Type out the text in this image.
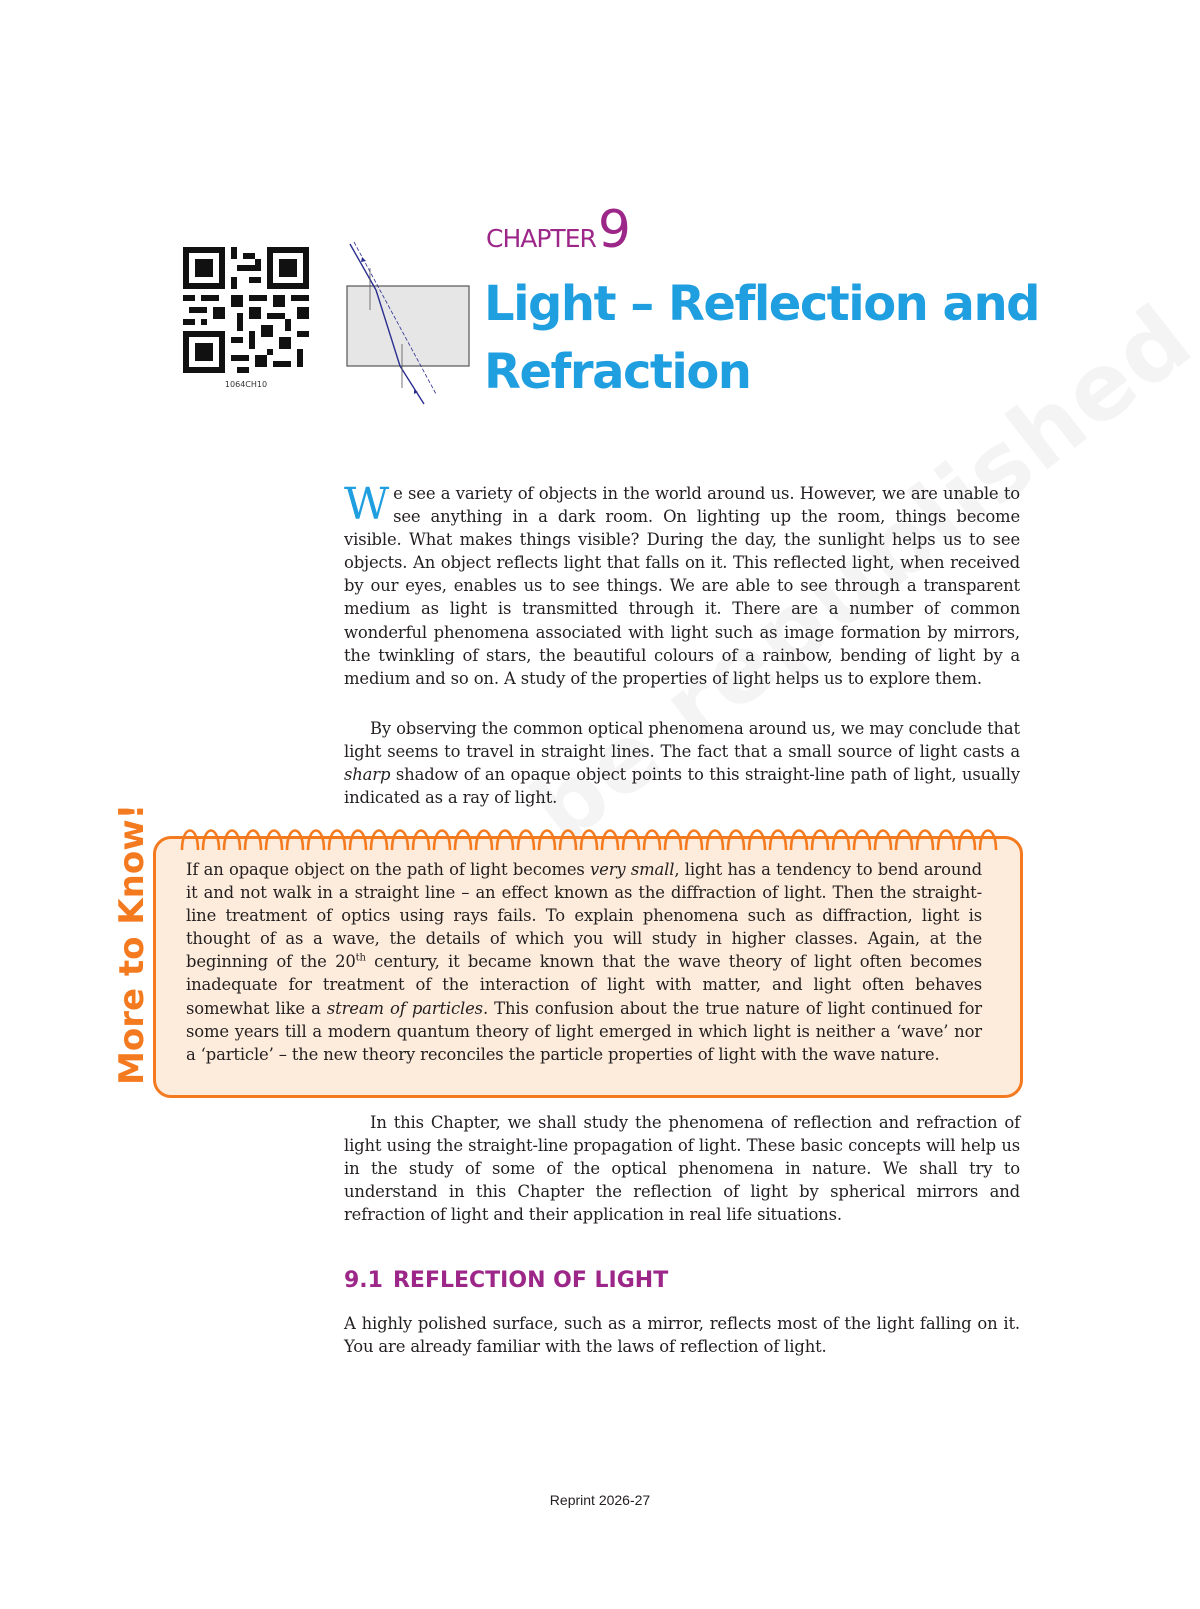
1064CH10
CHAPTER 9
Light – Reflection and
Refraction
We see a variety of objects in the world around us. However, we are unable to see anything in a dark room. On lighting up the room, things become visible. What makes things visible? During the day, the sunlight helps us to see objects. An object reflects light that falls on it. This reflected light, when received by our eyes, enables us to see things. We are able to see through a transparent medium as light is transmitted through it. There are a number of common wonderful phenomena associated with light such as image formation by mirrors, the twinkling of stars, the beautiful colours of a rainbow, bending of light by a medium and so on. A study of the properties of light helps us to explore them.
By observing the common optical phenomena around us, we may conclude that light seems to travel in straight lines. The fact that a small source of light casts a sharp shadow of an opaque object points to this straight-line path of light, usually indicated as a ray of light.
More to Know! If an opaque object on the path of light becomes very small, light has a tendency to bend around it and not walk in a straight line – an effect known as the diffraction of light. Then the straight-line treatment of optics using rays fails. To explain phenomena such as diffraction, light is thought of as a wave, the details of which you will study in higher classes. Again, at the beginning of the 20th century, it became known that the wave theory of light often becomes inadequate for treatment of the interaction of light with matter, and light often behaves somewhat like a stream of particles. This confusion about the true nature of light continued for some years till a modern quantum theory of light emerged in which light is neither a ‘wave’ nor a ‘particle’ – the new theory reconciles the particle properties of light with the wave nature.
In this Chapter, we shall study the phenomena of reflection and refraction of light using the straight-line propagation of light. These basic concepts will help us in the study of some of the optical phenomena in nature. We shall try to understand in this Chapter the reflection of light by spherical mirrors and refraction of light and their application in real life situations.
9.1 REFLECTION OF LIGHT
A highly polished surface, such as a mirror, reflects most of the light falling on it. You are already familiar with the laws of reflection of light.
Reprint 2026-27
